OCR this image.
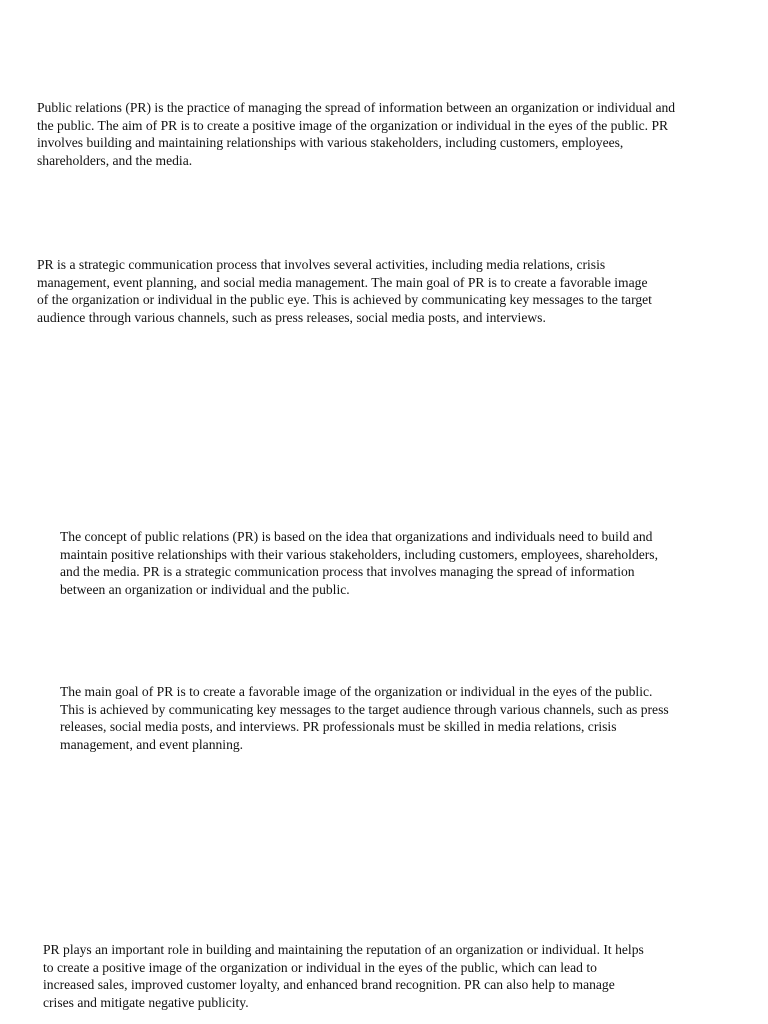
Public relations (PR) is the practice of managing the spread of information between an organization or individual and
the public. The aim of PR is to create a positive image of the organization or individual in the eyes of the public. PR
involves building and maintaining relationships with various stakeholders, including customers, employees,
shareholders, and the media.

PR is a strategic communication process that involves several activities, including media relations, crisis
management, event planning, and social media management. The main goal of PR is to create a favorable image
of the organization or individual in the public eye. This is achieved by communicating key messages to the target
audience through various channels, such as press releases, social media posts, and interviews.

The concept of public relations (PR) is based on the idea that organizations and individuals need to build and
maintain positive relationships with their various stakeholders, including customers, employees, shareholders,
and the media. PR is a strategic communication process that involves managing the spread of information
between an organization or individual and the public.

The main goal of PR is to create a favorable image of the organization or individual in the eyes of the public.
This is achieved by communicating key messages to the target audience through various channels, such as press
releases, social media posts, and interviews. PR professionals must be skilled in media relations, crisis
management, and event planning.

PR plays an important role in building and maintaining the reputation of an organization or individual. It helps
to create a positive image of the organization or individual in the eyes of the public, which can lead to
increased sales, improved customer loyalty, and enhanced brand recognition. PR can also help to manage
crises and mitigate negative publicity.
